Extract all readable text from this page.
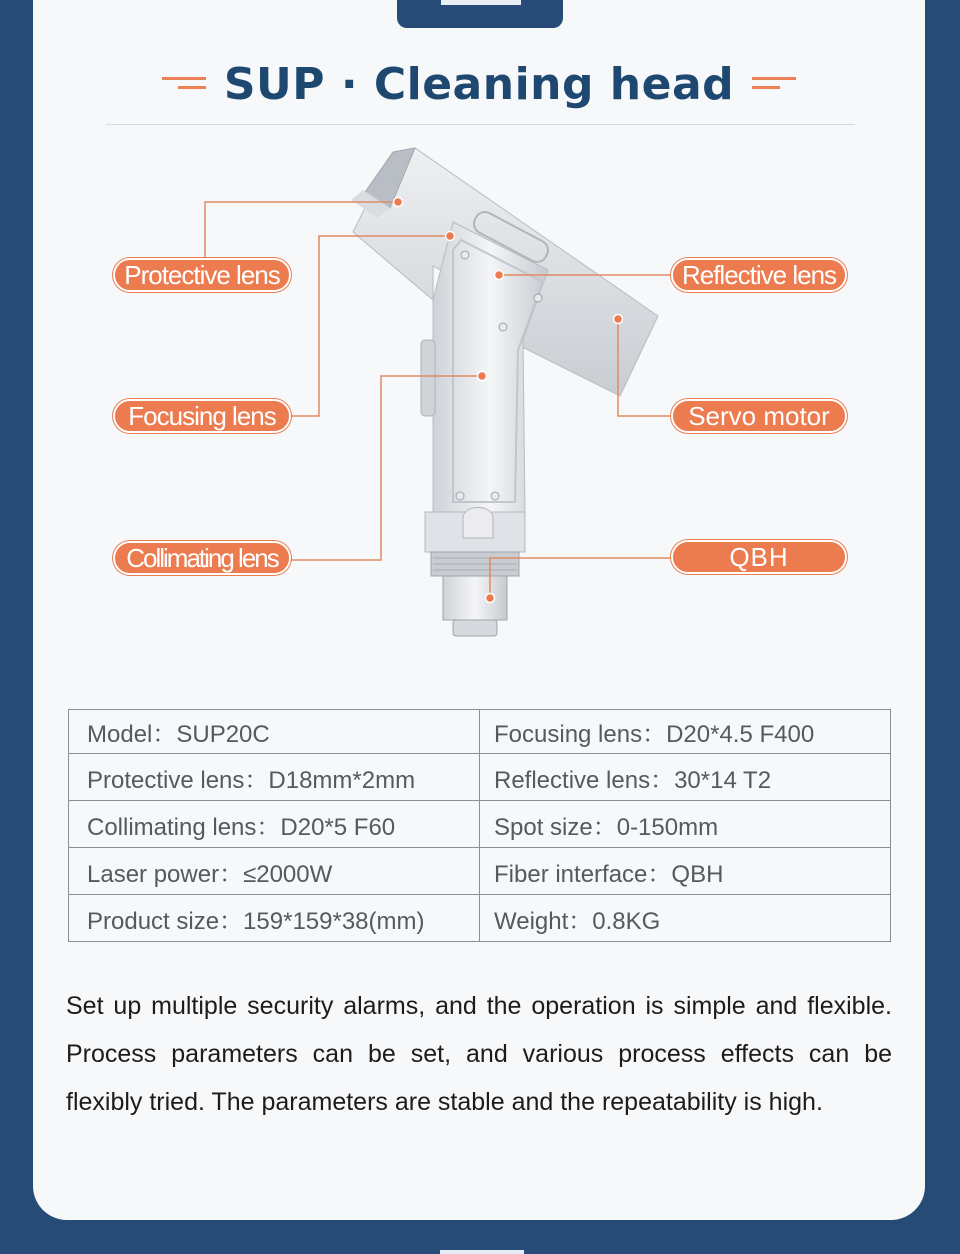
SUP · Cleaning head
Protective lens
Focusing lens
Collimating lens
Reflective lens
Servo motor
QBH
Model：SUP20C	Focusing lens：D20*4.5 F400
Protective lens：D18mm*2mm	Reflective lens：30*14 T2
Collimating lens：D20*5 F60	Spot size：0-150mm
Laser power：≤2000W	Fiber interface：QBH
Product size：159*159*38(mm)	Weight：0.8KG

Set up multiple security alarms, and the operation is simple and flexible. Process parameters can be set, and various process effects can be flexibly tried. The parameters are stable and the repeatability is high.
